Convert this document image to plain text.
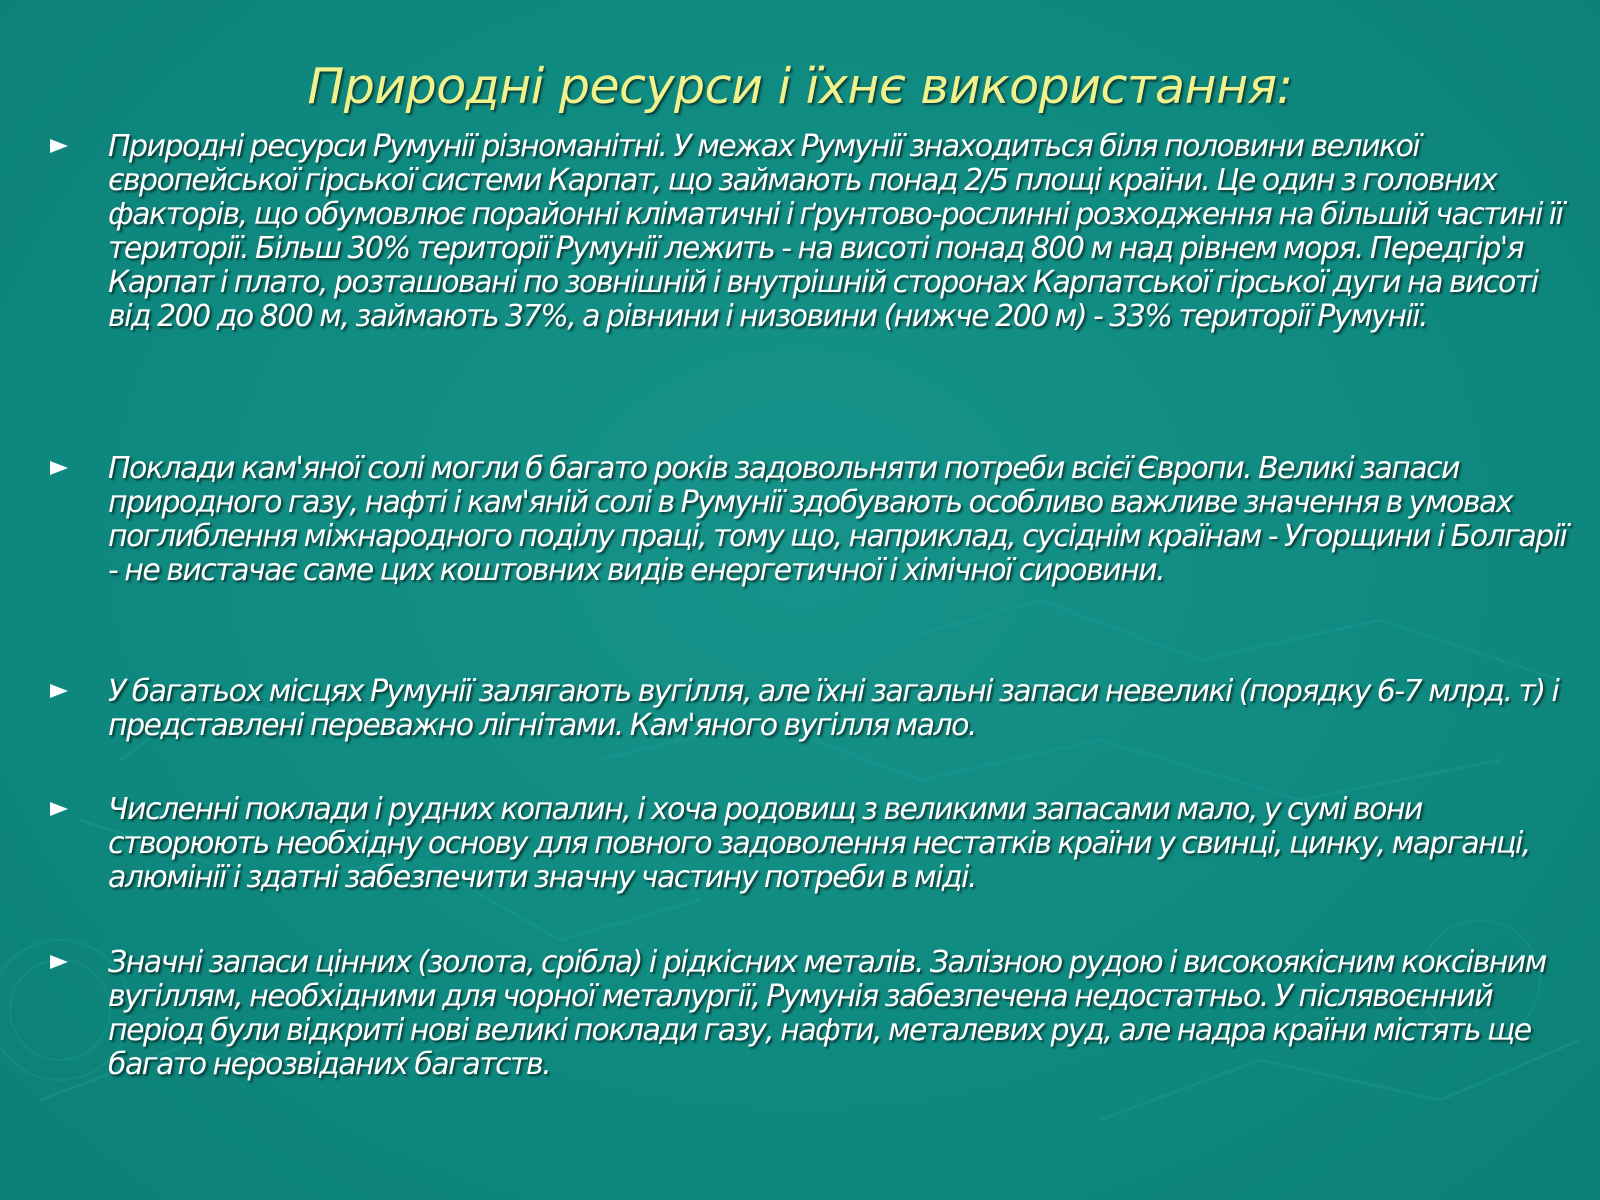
Природні ресурси і їхнє використання:

Природні ресурси Румунії різноманітні. У межах Румунії знаходиться біля половини великої європейської гірської системи Карпат, що займають понад 2/5 площі країни. Це один з головних факторів, що обумовлює порайонні кліматичні і ґрунтово-рослинні розходження на більшій частині її території. Більш 30% території Румунії лежить - на висоті понад 800 м над рівнем моря. Передгір'я Карпат і плато, розташовані по зовнішній і внутрішній сторонах Карпатської гірської дуги на висоті від 200 до 800 м, займають 37%, а рівнини і низовини (нижче 200 м) - 33% території Румунії.

Поклади кам'яної солі могли б багато років задовольняти потреби всієї Європи. Великі запаси природного газу, нафті і кам'яній солі в Румунії здобувають особливо важливе значення в умовах поглиблення міжнародного поділу праці, тому що, наприклад, сусіднім країнам - Угорщини і Болгарії - не вистачає саме цих коштовних видів енергетичної і хімічної сировини.

У багатьох місцях Румунії залягають вугілля, але їхні загальні запаси невеликі (порядку 6-7 млрд. т) і представлені переважно лігнітами. Кам'яного вугілля мало.

Численні поклади і рудних копалин, і хоча родовищ з великими запасами мало, у сумі вони створюють необхідну основу для повного задоволення нестатків країни у свинці, цинку, марганці, алюмінії і здатні забезпечити значну частину потреби в міді.

Значні запаси цінних (золота, срібла) і рідкісних металів. Залізною рудою і високоякісним коксівним вугіллям, необхідними для чорної металургії, Румунія забезпечена недостатньо. У післявоєнний період були відкриті нові великі поклади газу, нафти, металевих руд, але надра країни містять ще багато нерозвіданих багатств.
